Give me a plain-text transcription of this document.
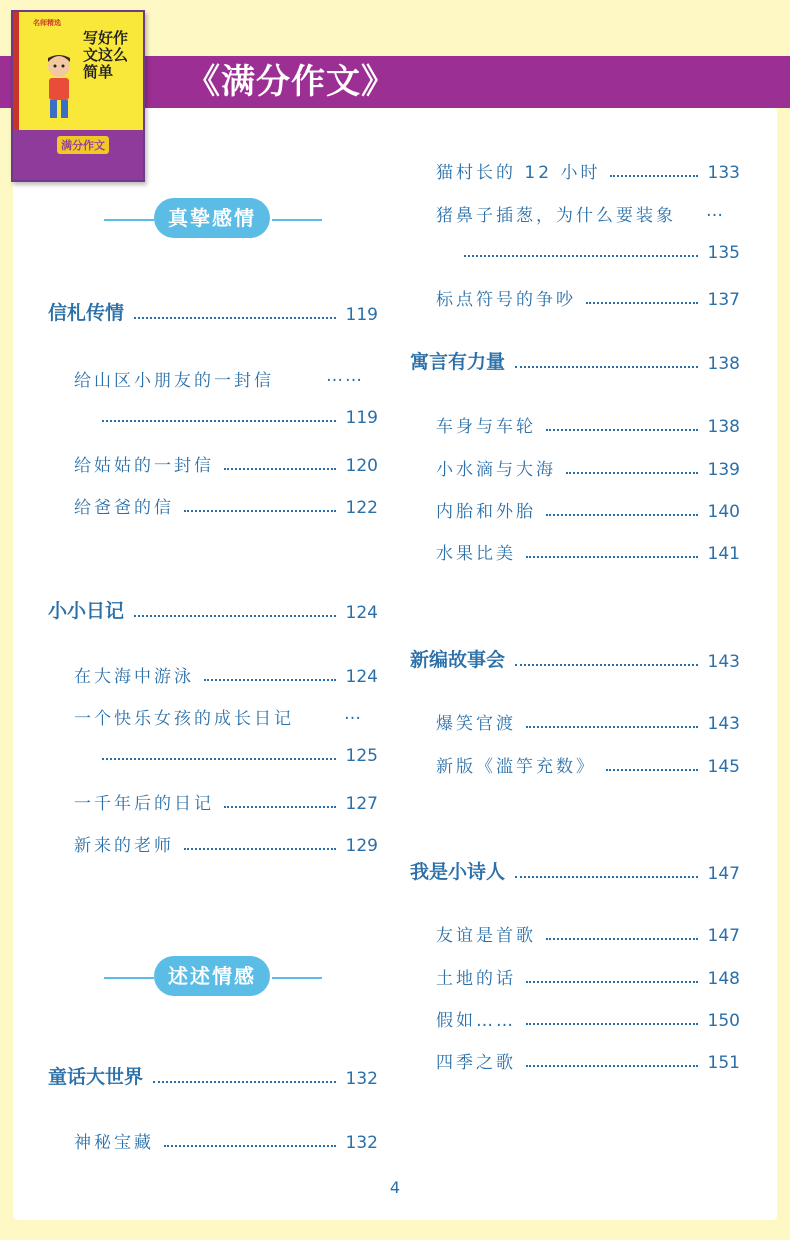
《满分作文》
名师精选
写好作文这么简单
满分作文
真挚感情
信札传情	119
给山区小朋友的一封信	……
119
给姑姑的一封信	120
给爸爸的信	122
小小日记	124
在大海中游泳	124
一个快乐女孩的成长日记	…
125
一千年后的日记	127
新来的老师	129
述述情感
童话大世界	132
神秘宝藏	132
猫村长的 12 小时	133
猪鼻子插葱，为什么要装象 …
135
标点符号的争吵	137
寓言有力量	138
车身与车轮	138
小水滴与大海	139
内胎和外胎	140
水果比美	141
新编故事会	143
爆笑官渡	143
新版《滥竽充数》	145
我是小诗人	147
友谊是首歌	147
土地的话	148
假如……	150
四季之歌	151
4
